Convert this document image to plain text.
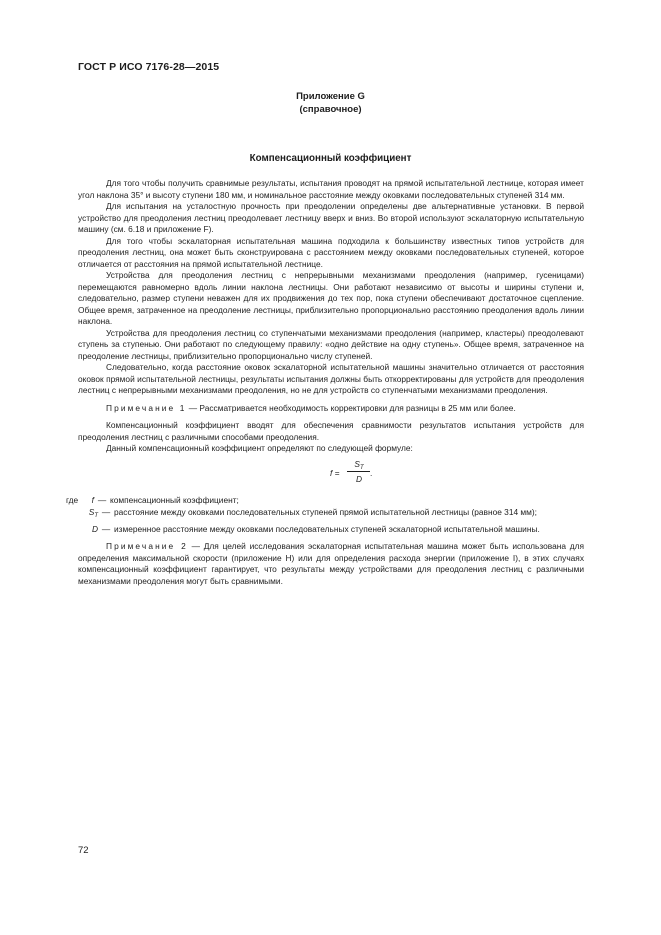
ГОСТ Р ИСО 7176-28—2015
Приложение G
(справочное)
Компенсационный коэффициент

Для того чтобы получить сравнимые результаты, испытания проводят на прямой испытательной лестнице, которая имеет угол наклона 35° и высоту ступени 180 мм, и номинальное расстояние между оковками последовательных ступеней 314 мм.

Для испытания на усталостную прочность при преодолении определены две альтернативные установки. В первой устройство для преодоления лестниц преодолевает лестницу вверх и вниз. Во второй используют эскалаторную испытательную машину (см. 6.18 и приложение F).

Для того чтобы эскалаторная испытательная машина подходила к большинству известных типов устройств для преодоления лестниц, она может быть сконструирована с расстоянием между оковками последовательных ступеней, которое отличается от расстояния на прямой испытательной лестнице.

Устройства для преодоления лестниц с непрерывными механизмами преодоления (например, гусеницами) перемещаются равномерно вдоль линии наклона лестницы. Они работают независимо от высоты и ширины ступени и, следовательно, размер ступени неважен для их продвижения до тех пор, пока ступени обеспечивают достаточное сцепление. Общее время, затраченное на преодоление лестницы, приблизительно пропорционально расстоянию преодоления вдоль линии наклона.

Устройства для преодоления лестниц со ступенчатыми механизмами преодоления (например, кластеры) преодолевают ступень за ступенью. Они работают по следующему правилу: «одно действие на одну ступень». Общее время, затраченное на преодоление лестницы, приблизительно пропорционально числу ступеней.

Следовательно, когда расстояние оковок эскалаторной испытательной машины значительно отличается от расстояния оковок прямой испытательной лестницы, результаты испытания должны быть откорректированы для устройств для преодоления лестниц с непрерывными механизмами преодоления, но не для устройств со ступенчатыми механизмами преодоления.

Примечание 1 — Рассматривается необходимость корректировки для разницы в 25 мм или более.

Компенсационный коэффициент вводят для обеспечения сравнимости результатов испытания устройств для преодоления лестниц с различными способами преодоления.

Данный компенсационный коэффициент определяют по следующей формуле:

f =
$S_T$
D
.
где	f — компенсационный коэффициент;
$S_T$ — расстояние между оковками последовательных ступеней прямой испытательной лестницы (равное 314 мм);
D — измеренное расстояние между оковками последовательных ступеней эскалаторной испытательной машины.

Примечание 2 — Для целей исследования эскалаторная испытательная машина может быть использована для определения максимальной скорости (приложение H) или для определения расхода энергии (приложение I), в этих случаях компенсационный коэффициент гарантирует, что результаты между устройствами для преодоления лестниц с различными механизмами преодоления могут быть сравнимыми.

72
